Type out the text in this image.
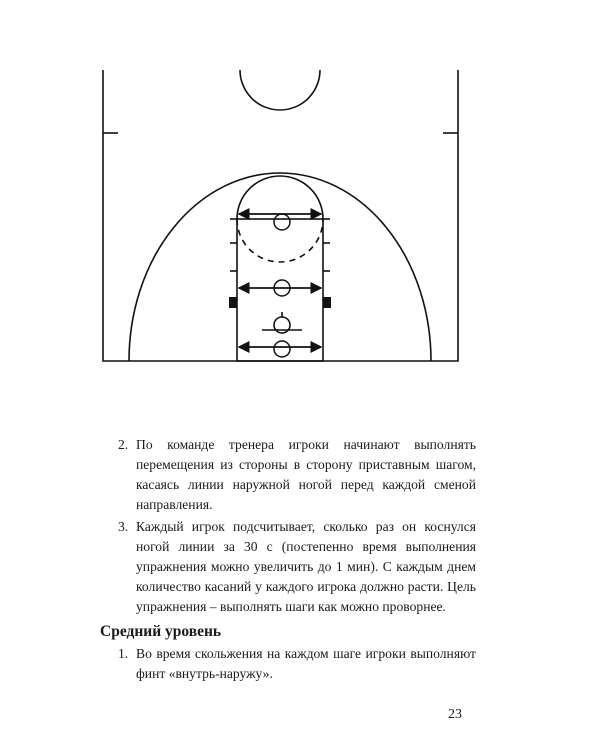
2. По команде тренера игроки начинают выполнять перемещения из стороны в сторону приставным шагом, касаясь линии наружной ногой перед каждой сменой направления.
3. Каждый игрок подсчитывает, сколько раз он коснулся ногой линии за 30 с (постепенно время выполнения упражнения можно увеличить до 1 мин). С каждым днем количество касаний у каждого игрока должно расти. Цель упражнения – выполнять шаги как можно проворнее.
Средний уровень
1. Во время скольжения на каждом шаге игроки выполняют финт «внутрь-наружу».
23
